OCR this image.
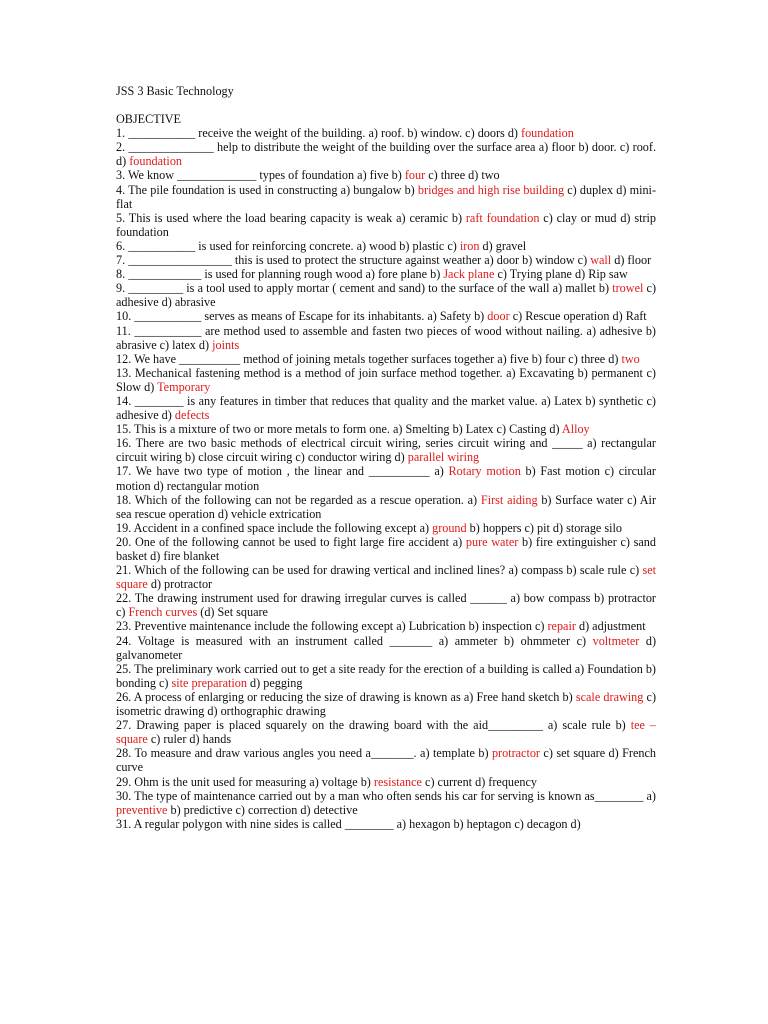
JSS 3 Basic Technology

OBJECTIVE

1. ___________ receive the weight of the building. a) roof. b) window. c) doors d) foundation

2. ______________ help to distribute the weight of the building over the surface area a) floor b) door. c) roof. d) foundation

3. We know _____________ types of foundation a) five b) four c) three d) two

4. The pile foundation is used in constructing a) bungalow b) bridges and high rise building c) duplex d) mini-flat

5. This is used where the load bearing capacity is weak a) ceramic b) raft foundation c) clay or mud d) strip foundation

6. ___________ is used for reinforcing concrete. a) wood b) plastic c) iron d) gravel

7. _________________ this is used to protect the structure against weather a) door b) window c) wall d) floor

8. ____________ is used for planning rough wood a) fore plane b) Jack plane c) Trying plane d) Rip saw

9. _________ is a tool used to apply mortar ( cement and sand) to the surface of the wall a) mallet b) trowel c) adhesive d) abrasive

10. ___________ serves as means of Escape for its inhabitants. a) Safety b) door c) Rescue operation d) Raft

11. ___________ are method used to assemble and fasten two pieces of wood without nailing. a) adhesive b) abrasive c) latex d) joints

12. We have __________ method of joining metals together surfaces together a) five b) four c) three d) two

13. Mechanical fastening method is a method of join surface method together. a) Excavating b) permanent c) Slow d) Temporary

14. ________ is any features in timber that reduces that quality and the market value. a) Latex b) synthetic c) adhesive d) defects

15. This is a mixture of two or more metals to form one. a) Smelting b) Latex c) Casting d) Alloy

16. There are two basic methods of electrical circuit wiring, series circuit wiring and _____ a) rectangular circuit wiring b) close circuit wiring c) conductor wiring d) parallel wiring

17. We have two type of motion , the linear and __________ a) Rotary motion b) Fast motion c) circular motion d) rectangular motion

18. Which of the following can not be regarded as a rescue operation. a) First aiding b) Surface water c) Air sea rescue operation d) vehicle extrication

19. Accident in a confined space include the following except a) ground b) hoppers c) pit d) storage silo

20. One of the following cannot be used to fight large fire accident a) pure water b) fire extinguisher c) sand basket d) fire blanket

21. Which of the following can be used for drawing vertical and inclined lines? a) compass b) scale rule c) set square d) protractor

22. The drawing instrument used for drawing irregular curves is called ______ a) bow compass b) protractor c) French curves (d) Set square

23. Preventive maintenance include the following except a) Lubrication b) inspection c) repair d) adjustment

24. Voltage is measured with an instrument called _______ a) ammeter b) ohmmeter c) voltmeter d) galvanometer

25. The preliminary work carried out to get a site ready for the erection of a building is called a) Foundation b) bonding c) site preparation d) pegging

26. A process of enlarging or reducing the size of drawing is known as a) Free hand sketch b) scale drawing c) isometric drawing d) orthographic drawing

27. Drawing paper is placed squarely on the drawing board with the aid_________ a) scale rule b) tee – square c) ruler d) hands

28. To measure and draw various angles you need a_______. a) template b) protractor c) set square d) French curve

29. Ohm is the unit used for measuring a) voltage b) resistance c) current d) frequency

30. The type of maintenance carried out by a man who often sends his car for serving is known as________ a) preventive b) predictive c) correction d) detective

31. A regular polygon with nine sides is called ________ a) hexagon b) heptagon c) decagon d)
